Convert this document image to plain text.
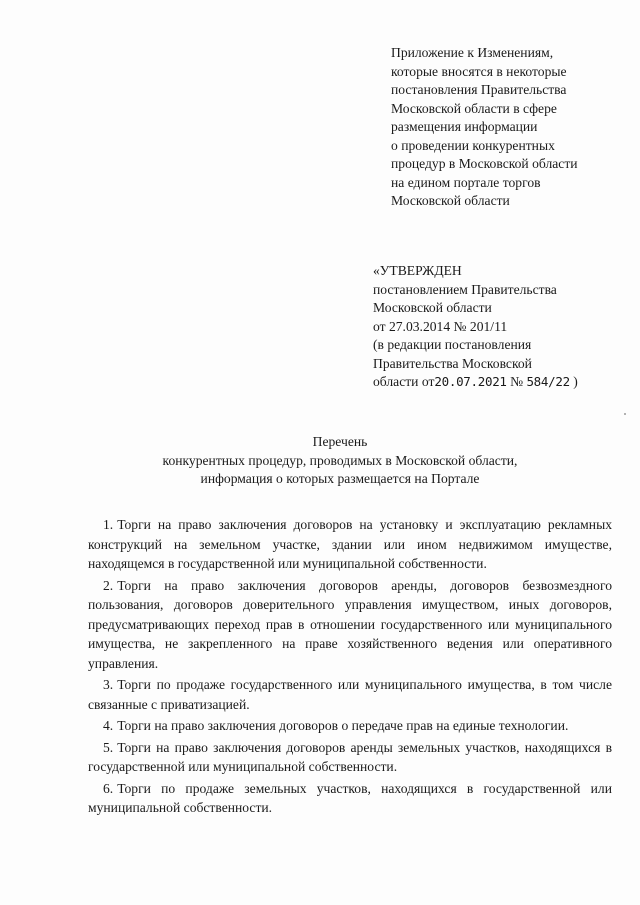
Приложение к Изменениям,
которые вносятся в некоторые
постановления Правительства
Московской области в сфере
размещения информации
о проведении конкурентных
процедур в Московской области
на едином портале торгов
Московской области
«УТВЕРЖДЕН
постановлением Правительства
Московской области
от 27.03.2014 № 201/11
(в редакции постановления
Правительства Московской
области от20.07.2021 № 584/22 )
Перечень
конкурентных процедур, проводимых в Московской области,
информация о которых размещается на Портале

1. Торги на право заключения договоров на установку и эксплуатацию рекламных конструкций на земельном участке, здании или ином недвижимом имуществе, находящемся в государственной или муниципальной собственности.

2. Торги на право заключения договоров аренды, договоров безвозмездного пользования, договоров доверительного управления имуществом, иных договоров, предусматривающих переход прав в отношении государственного или муниципального имущества, не закрепленного на праве хозяйственного ведения или оперативного управления.

3. Торги по продаже государственного или муниципального имущества, в том числе связанные с приватизацией.

4. Торги на право заключения договоров о передаче прав на единые технологии.

5. Торги на право заключения договоров аренды земельных участков, находящихся в государственной или муниципальной собственности.

6. Торги по продаже земельных участков, находящихся в государственной или муниципальной собственности.
